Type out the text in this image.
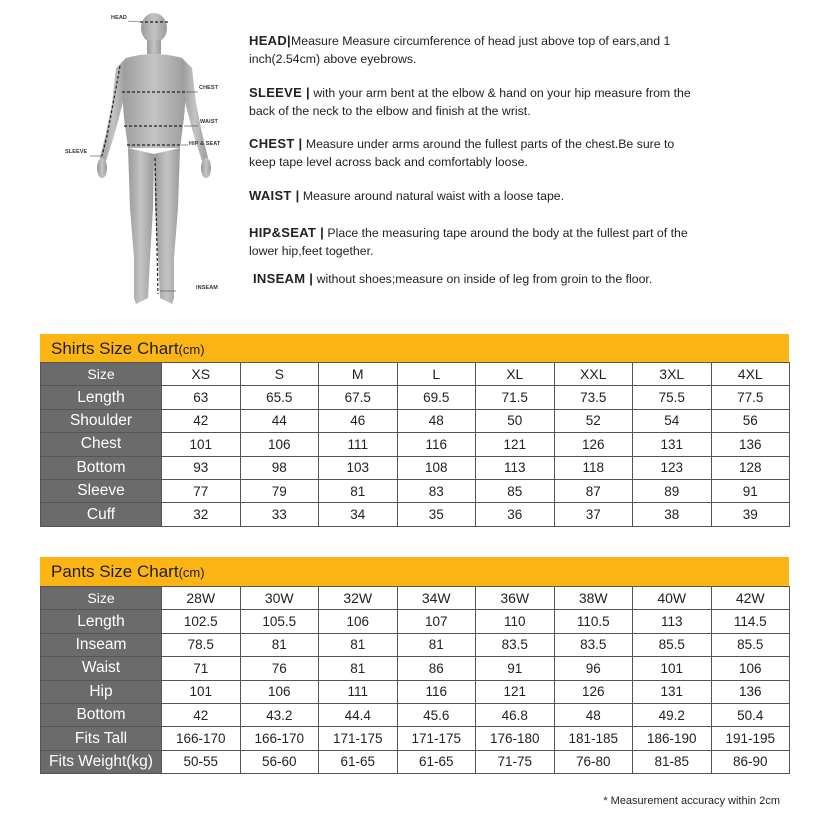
HEAD
CHEST
WAIST
HIP & SEAT
SLEEVE
INSEAM
HEAD|Measure Measure circumference of head just above top of ears,and 1
inch(2.54cm) above eyebrows.
SLEEVE | with your arm bent at the elbow & hand on your hip measure from the
back of the neck to the elbow and finish at the wrist.
CHEST | Measure under arms around the fullest parts of the chest.Be sure to
keep tape level across back and comfortably loose.
WAIST | Measure around natural waist with a loose tape.
HIP&SEAT | Place the measuring tape around the body at the fullest part of the
lower hip,feet together.
INSEAM | without shoes;measure on inside of leg from groin to the floor.
Shirts Size Chart(cm)
Size	XS	S	M	L	XL	XXL	3XL	4XL
Length	63	65.5	67.5	69.5	71.5	73.5	75.5	77.5
Shoulder	42	44	46	48	50	52	54	56
Chest	101	106	111	116	121	126	131	136
Bottom	93	98	103	108	113	118	123	128
Sleeve	77	79	81	83	85	87	89	91
Cuff	32	33	34	35	36	37	38	39
Pants Size Chart(cm)
Size	28W	30W	32W	34W	36W	38W	40W	42W
Length	102.5	105.5	106	107	110	110.5	113	114.5
Inseam	78.5	81	81	81	83.5	83.5	85.5	85.5
Waist	71	76	81	86	91	96	101	106
Hip	101	106	111	116	121	126	131	136
Bottom	42	43.2	44.4	45.6	46.8	48	49.2	50.4
Fits Tall	166-170	166-170	171-175	171-175	176-180	181-185	186-190	191-195
Fits Weight(kg)	50-55	56-60	61-65	61-65	71-75	76-80	81-85	86-90
* Measurement accuracy within 2cm
